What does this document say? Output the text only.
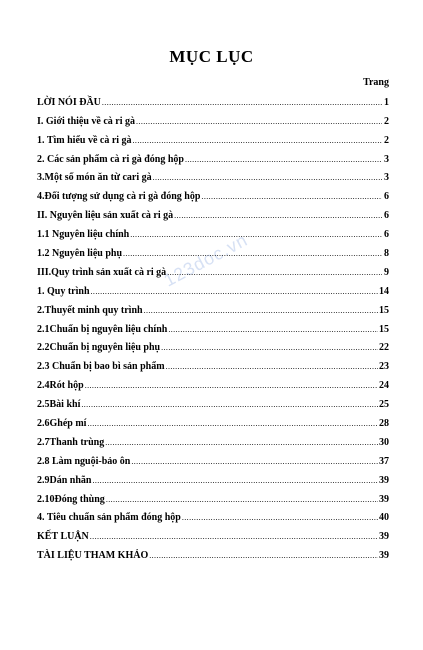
MỤC LỤC
Trang
123doc.vn
LỜI NÓI ĐẦU .....	1
I. Giới thiệu về cà ri gà .....	2
1. Tìm hiểu về cà ri gà .....	2
2. Các sản phẩm cà ri gà đóng hộp .....	3
3.Một số món ăn từ cari gà .....	3
4.Đối tượng sử dụng cà ri gà đóng hộp .....	6
II. Nguyên liệu sản xuất cà ri gà .....	6
1.1 Nguyên liệu chính .....	6
1.2 Nguyên liệu phụ .....	8
III.Quy trình sản xuất cà ri gà .....	9
1. Quy trình .....	14
2.Thuyết minh quy trình .....	15
2.1Chuẩn bị nguyên liệu chính .....	15
2.2Chuẩn bị nguyên liệu phụ .....	22
2.3 Chuẩn bị bao bì sản phẩm .....	23
2.4Rót hộp .....	24
2.5Bài khí .....	25
2.6Ghép mí .....	28
2.7Thanh trùng .....	30
2.8 Làm nguội-bảo ôn .....	37
2.9Dán nhãn .....	39
2.10Đóng thùng .....	39
4. Tiêu chuẩn sản phẩm đóng hộp .....	40
KẾT LUẬN .....	39
TÀI LIỆU THAM KHẢO .....	39
